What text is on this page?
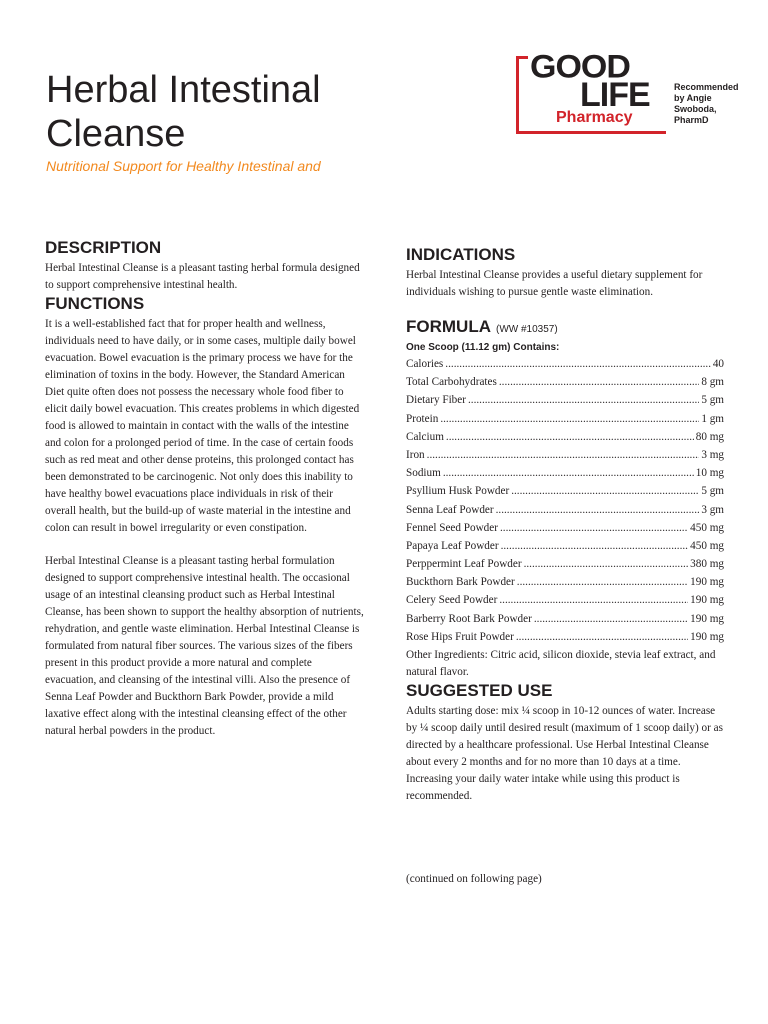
Herbal Intestinal Cleanse

Nutritional Support for Healthy Intestinal and

GOOD
LIFE
Pharmacy
Recommended by Angie Swoboda, PharmD
DESCRIPTION

Herbal Intestinal Cleanse is a pleasant tasting herbal formula designed to support comprehensive intestinal health.

FUNCTIONS

It is a well-established fact that for proper health and wellness, individuals need to have daily, or in some cases, multiple daily bowel evacuation. Bowel evacuation is the primary process we have for the elimination of toxins in the body. However, the Standard American Diet quite often does not possess the necessary whole food fiber to elicit daily bowel evacuation. This creates problems in which digested food is allowed to maintain in contact with the walls of the intestine and colon for a prolonged period of time. In the case of certain foods such as red meat and other dense proteins, this prolonged contact has been demonstrated to be carcinogenic. Not only does this inability to have healthy bowel evacuations place individuals in risk of their overall health, but the build-up of waste material in the intestine and colon can result in bowel irregularity or even constipation.

Herbal Intestinal Cleanse is a pleasant tasting herbal formulation designed to support comprehensive intestinal health. The occasional usage of an intestinal cleansing product such as Herbal Intestinal Cleanse, has been shown to support the healthy absorption of nutrients, rehydration, and gentle waste elimination. Herbal Intestinal Cleanse is formulated from natural fiber sources. The various sizes of the fibers present in this product provide a more natural and complete evacuation, and cleansing of the intestinal villi. Also the presence of Senna Leaf Powder and Buckthorn Bark Powder, provide a mild laxative effect along with the intestinal cleansing effect of the other natural herbal powders in the product.

INDICATIONS

Herbal Intestinal Cleanse provides a useful dietary supplement for individuals wishing to pursue gentle waste elimination.

FORMULA (WW #10357)
One Scoop (11.12 gm) Contains:
Calories .....	40
Total Carbohydrates .....	8 gm
Dietary Fiber .....	5 gm
Protein .....	1 gm
Calcium .....	80 mg
Iron .....	3 mg
Sodium .....	10 mg
Psyllium Husk Powder .....	5 gm
Senna Leaf Powder .....	3 gm
Fennel Seed Powder .....	450 mg
Papaya Leaf Powder .....	450 mg
Perppermint Leaf Powder .....	380 mg
Buckthorn Bark Powder .....	190 mg
Celery Seed Powder .....	190 mg
Barberry Root Bark Powder .....	190 mg
Rose Hips Fruit Powder .....	190 mg

Other Ingredients: Citric acid, silicon dioxide, stevia leaf extract, and natural flavor.

SUGGESTED USE

Adults starting dose: mix ¼ scoop in 10-12 ounces of water. Increase by ¼ scoop daily until desired result (maximum of 1 scoop daily) or as directed by a healthcare professional. Use Herbal Intestinal Cleanse about every 2 months and for no more than 10 days at a time. Increasing your daily water intake while using this product is recommended.

(continued on following page)
